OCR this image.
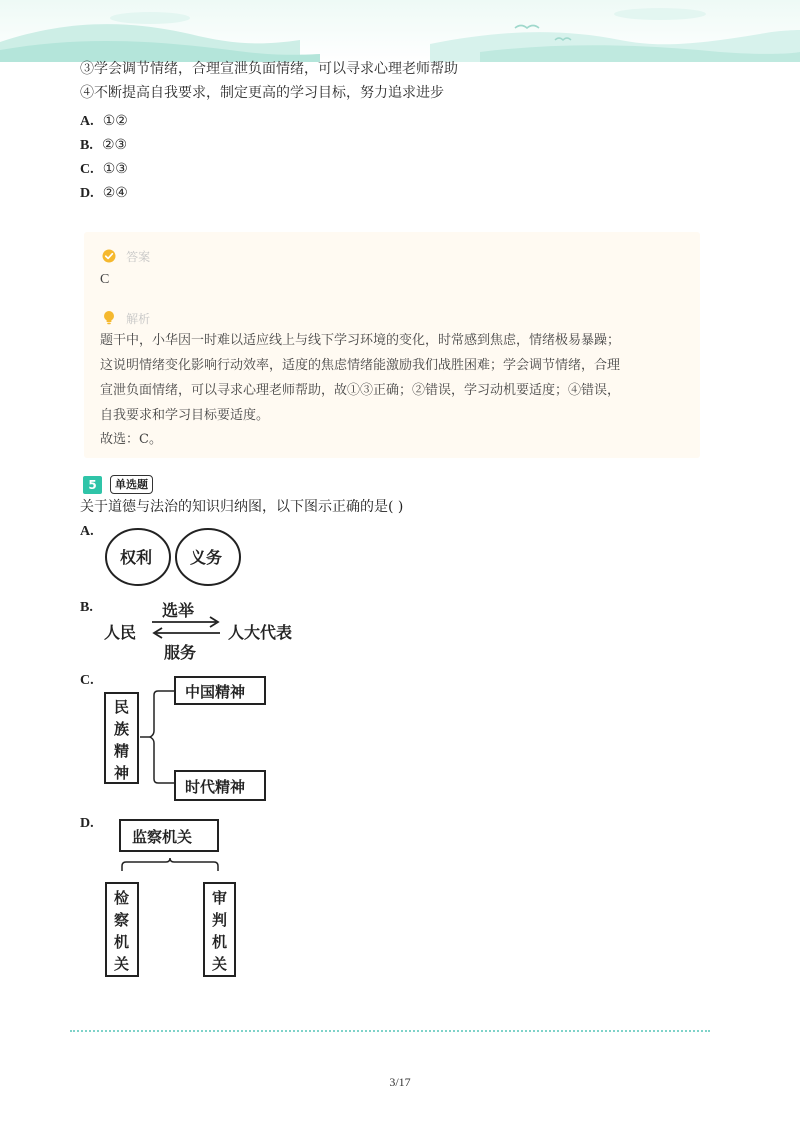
③学会调节情绪，合理宣泄负面情绪，可以寻求心理老师帮助
④不断提高自我要求，制定更高的学习目标，努力追求进步
A. ①②
B. ②③
C. ①③
D. ②④
答案
C
解析
题干中，小华因一时难以适应线上与线下学习环境的变化，时常感到焦虑，情绪极易暴躁；
这说明情绪变化影响行动效率，适度的焦虑情绪能激励我们战胜困难；学会调节情绪，合理
宣泄负面情绪，可以寻求心理老师帮助，故①③正确；②错误，学习动机要适度；④错误，
自我要求和学习目标要适度。
故选：C。
5	单选题
关于道德与法治的知识归纳图，以下图示正确的是( )
A.
权利 义务
B.
人民
选举
人大代表
服务
C.
民
族
精
神
中国精神
时代精神
D.
监察机关
检
察
机
关
审
判
机
关
3/17
